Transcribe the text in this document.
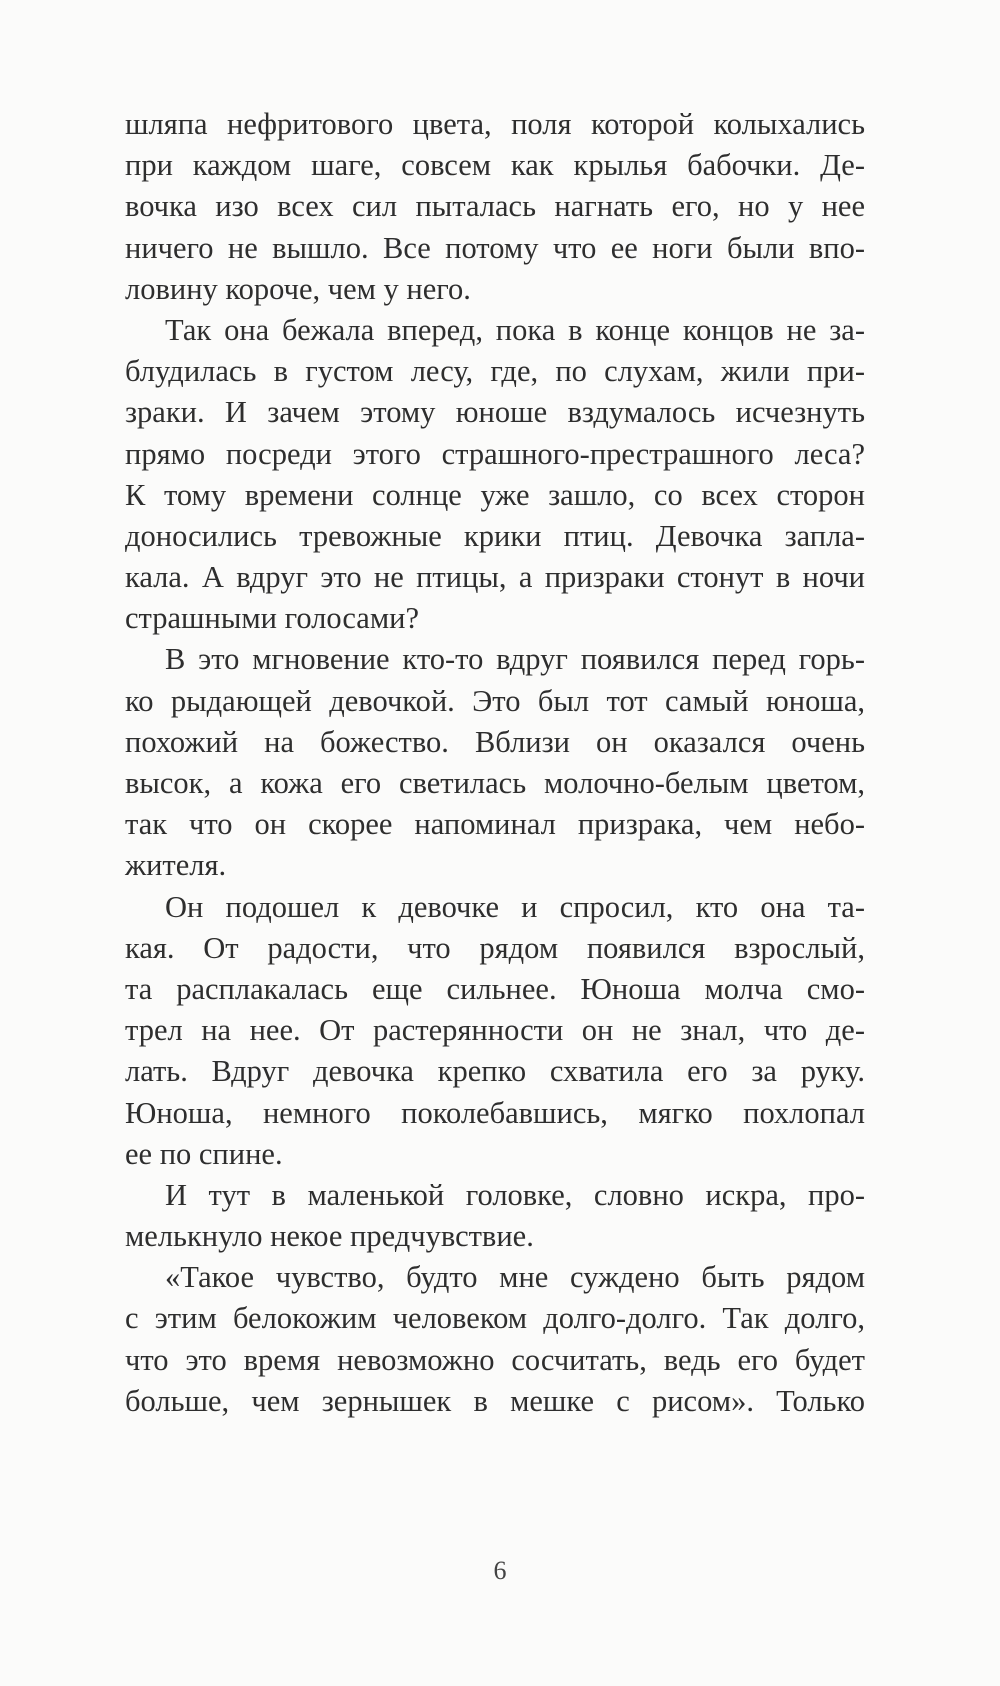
шляпа нефритового цвета, поля которой колыхались
при каждом шаге, совсем как крылья бабочки. Де-
вочка изо всех сил пыталась нагнать его, но у нее
ничего не вышло. Все потому что ее ноги были впо-
ловину короче, чем у него.
Так она бежала вперед, пока в конце концов не за-
блудилась в густом лесу, где, по слухам, жили при-
зраки. И зачем этому юноше вздумалось исчезнуть
прямо посреди этого страшного-престрашного леса?
К тому времени солнце уже зашло, со всех сторон
доносились тревожные крики птиц. Девочка запла-
кала. А вдруг это не птицы, а призраки стонут в ночи
страшными голосами?
В это мгновение кто-то вдруг появился перед горь-
ко рыдающей девочкой. Это был тот самый юноша,
похожий на божество. Вблизи он оказался очень
высок, а кожа его светилась молочно-белым цветом,
так что он скорее напоминал призрака, чем небо-
жителя.
Он подошел к девочке и спросил, кто она та-
кая. От радости, что рядом появился взрослый,
та расплакалась еще сильнее. Юноша молча смо-
трел на нее. От растерянности он не знал, что де-
лать. Вдруг девочка крепко схватила его за руку.
Юноша, немного поколебавшись, мягко похлопал
ее по спине.
И тут в маленькой головке, словно искра, про-
мелькнуло некое предчувствие.
«Такое чувство, будто мне суждено быть рядом
с этим белокожим человеком долго-долго. Так долго,
что это время невозможно сосчитать, ведь его будет
больше, чем зернышек в мешке с рисом». Только
6
